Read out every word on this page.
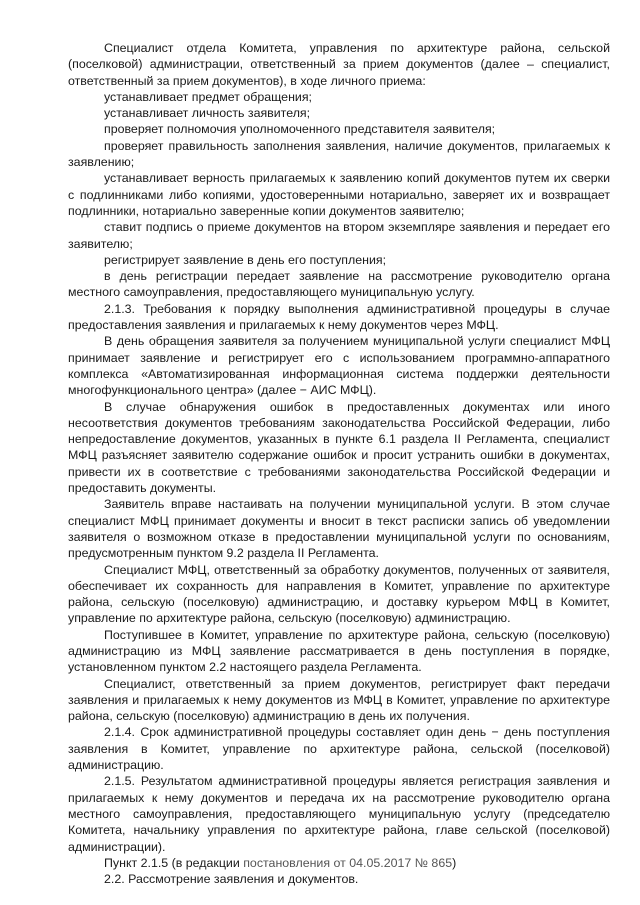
Специалист отдела Комитета, управления по архитектуре района, сельской (поселковой) администрации, ответственный за прием документов (далее – специалист, ответственный за прием документов), в ходе личного приема:

устанавливает предмет обращения;

устанавливает личность заявителя;

проверяет полномочия уполномоченного представителя заявителя;

проверяет правильность заполнения заявления, наличие документов, прилагаемых к заявлению;

устанавливает верность прилагаемых к заявлению копий документов путем их сверки с подлинниками либо копиями, удостоверенными нотариально, заверяет их и возвращает подлинники, нотариально заверенные копии документов заявителю;

ставит подпись о приеме документов на втором экземпляре заявления и передает его заявителю;

регистрирует заявление в день его поступления;

в день регистрации передает заявление на рассмотрение руководителю органа местного самоуправления, предоставляющего муниципальную услугу.

2.1.3. Требования к порядку выполнения административной процедуры в случае предоставления заявления и прилагаемых к нему документов через МФЦ.

В день обращения заявителя за получением муниципальной услуги специалист МФЦ принимает заявление и регистрирует его с использованием программно-аппаратного комплекса «Автоматизированная информационная система поддержки деятельности многофункционального центра» (далее − АИС МФЦ).

В случае обнаружения ошибок в предоставленных документах или иного несоответствия документов требованиям законодательства Российской Федерации, либо непредоставление документов, указанных в пункте 6.1 раздела II Регламента, специалист МФЦ разъясняет заявителю содержание ошибок и просит устранить ошибки в документах, привести их в соответствие с требованиями законодательства Российской Федерации и предоставить документы.

Заявитель вправе настаивать на получении муниципальной услуги. В этом случае специалист МФЦ принимает документы и вносит в текст расписки запись об уведомлении заявителя о возможном отказе в предоставлении муниципальной услуги по основаниям, предусмотренным пунктом 9.2 раздела II Регламента.

Специалист МФЦ, ответственный за обработку документов, полученных от заявителя, обеспечивает их сохранность для направления в Комитет, управление по архитектуре района, сельскую (поселковую) администрацию, и доставку курьером МФЦ в Комитет, управление по архитектуре района, сельскую (поселковую) администрацию.

Поступившее в Комитет, управление по архитектуре района, сельскую (поселковую) администрацию из МФЦ заявление рассматривается в день поступления в порядке, установленном пунктом 2.2 настоящего раздела Регламента.

Специалист, ответственный за прием документов, регистрирует факт передачи заявления и прилагаемых к нему документов из МФЦ в Комитет, управление по архитектуре района, сельскую (поселковую) администрацию в день их получения.

2.1.4. Срок административной процедуры составляет один день − день поступления заявления в Комитет, управление по архитектуре района, сельской (поселковой) администрацию.

2.1.5. Результатом административной процедуры является регистрация заявления и прилагаемых к нему документов и передача их на рассмотрение руководителю органа местного самоуправления, предоставляющего муниципальную услугу (председателю Комитета, начальнику управления по архитектуре района, главе сельской (поселковой) администрации).

Пункт 2.1.5 (в редакции постановления от 04.05.2017 № 865)

2.2. Рассмотрение заявления и документов.
